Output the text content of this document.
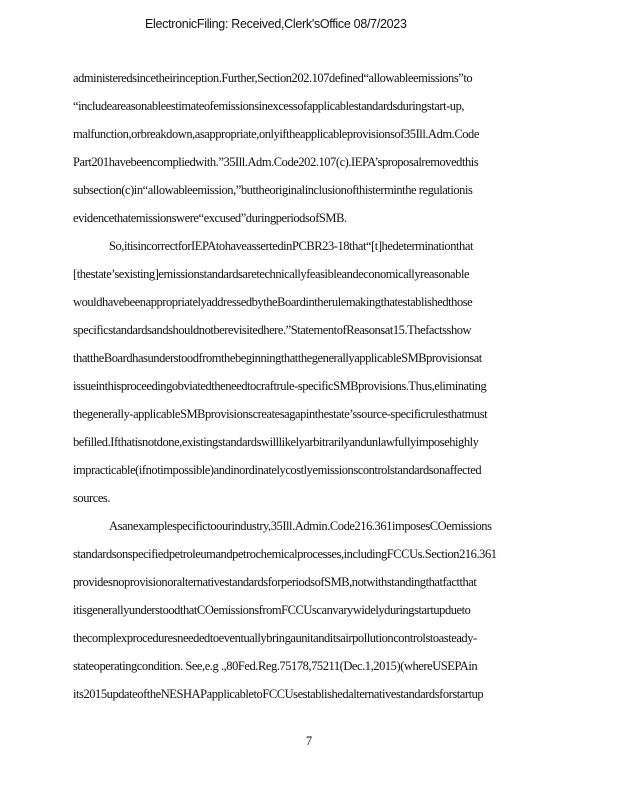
ElectronicFiling: Received,Clerk'sOffice 08/7/2023
administeredsincetheirinception.Further,Section202.107defined“allowableemissions”to
“includeareasonableestimateofemissionsinexcessofapplicablestandardsduringstart-up,
malfunction,orbreakdown,asappropriate,onlyiftheapplicableprovisionsof35Ill.Adm.Code
Part201havebeencompliedwith.”35Ill.Adm.Code202.107(c).IEPA’sproposalremovedthis
subsection(c)in“allowableemission,”buttheoriginalinclusionofthisterminthe regulationis
evidencethatemissionswere“excused”duringperiodsofSMB.
So,itisincorrectforIEPAtohaveassertedinPCBR23-18that“[t]hedeterminationthat
[thestate’sexisting]emissionstandardsaretechnicallyfeasibleandeconomicallyreasonable
wouldhavebeenappropriatelyaddressedbytheBoardintherulemakingthatestablishedthose
specificstandardsandshouldnotberevisitedhere.”StatementofReasonsat15.Thefactsshow
thattheBoardhasunderstoodfromthebeginningthatthegenerallyapplicableSMBprovisionsat
issueinthisproceedingobviatedtheneedtocraftrule-specificSMBprovisions.Thus,eliminating
thegenerally-applicableSMBprovisionscreatesagapinthestate’ssource-specificrulesthatmust
befilled.Ifthatisnotdone,existingstandardswilllikelyarbitrarilyandunlawfullyimposehighly
impracticable(ifnotimpossible)andinordinatelycostlyemissionscontrolstandardsonaffected
sources.
Asanexamplespecifictoourindustry,35Ill.Admin.Code216.361imposesCOemissions
standardsonspecifiedpetroleumandpetrochemicalprocesses,includingFCCUs.Section216.361
providesnoprovisionoralternativestandardsforperiodsofSMB,notwithstandingthatfactthat
itisgenerallyunderstoodthatCOemissionsfromFCCUscanvarywidelyduringstartupdueto
thecomplexproceduresneededtoeventuallybringaunitanditsairpollutioncontrolstoasteady-
stateoperatingcondition. See,e.g .,80Fed.Reg.75178,75211(Dec.1,2015)(whereUSEPAin
its2015updateoftheNESHAPapplicabletoFCCUsestablishedalternativestandardsforstartup
7
